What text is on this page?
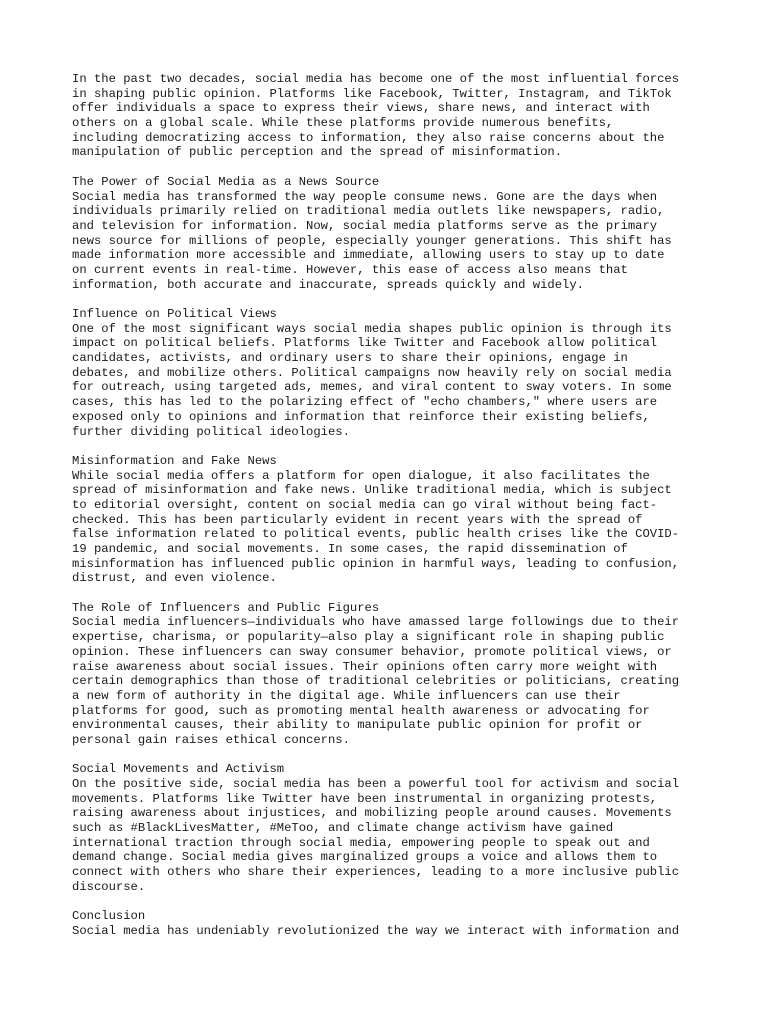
In the past two decades, social media has become one of the most influential forces
in shaping public opinion. Platforms like Facebook, Twitter, Instagram, and TikTok
offer individuals a space to express their views, share news, and interact with
others on a global scale. While these platforms provide numerous benefits,
including democratizing access to information, they also raise concerns about the
manipulation of public perception and the spread of misinformation.
The Power of Social Media as a News Source
Social media has transformed the way people consume news. Gone are the days when
individuals primarily relied on traditional media outlets like newspapers, radio,
and television for information. Now, social media platforms serve as the primary
news source for millions of people, especially younger generations. This shift has
made information more accessible and immediate, allowing users to stay up to date
on current events in real-time. However, this ease of access also means that
information, both accurate and inaccurate, spreads quickly and widely.
Influence on Political Views
One of the most significant ways social media shapes public opinion is through its
impact on political beliefs. Platforms like Twitter and Facebook allow political
candidates, activists, and ordinary users to share their opinions, engage in
debates, and mobilize others. Political campaigns now heavily rely on social media
for outreach, using targeted ads, memes, and viral content to sway voters. In some
cases, this has led to the polarizing effect of "echo chambers," where users are
exposed only to opinions and information that reinforce their existing beliefs,
further dividing political ideologies.
Misinformation and Fake News
While social media offers a platform for open dialogue, it also facilitates the
spread of misinformation and fake news. Unlike traditional media, which is subject
to editorial oversight, content on social media can go viral without being fact-
checked. This has been particularly evident in recent years with the spread of
false information related to political events, public health crises like the COVID-
19 pandemic, and social movements. In some cases, the rapid dissemination of
misinformation has influenced public opinion in harmful ways, leading to confusion,
distrust, and even violence.
The Role of Influencers and Public Figures
Social media influencers—individuals who have amassed large followings due to their
expertise, charisma, or popularity—also play a significant role in shaping public
opinion. These influencers can sway consumer behavior, promote political views, or
raise awareness about social issues. Their opinions often carry more weight with
certain demographics than those of traditional celebrities or politicians, creating
a new form of authority in the digital age. While influencers can use their
platforms for good, such as promoting mental health awareness or advocating for
environmental causes, their ability to manipulate public opinion for profit or
personal gain raises ethical concerns.
Social Movements and Activism
On the positive side, social media has been a powerful tool for activism and social
movements. Platforms like Twitter have been instrumental in organizing protests,
raising awareness about injustices, and mobilizing people around causes. Movements
such as #BlackLivesMatter, #MeToo, and climate change activism have gained
international traction through social media, empowering people to speak out and
demand change. Social media gives marginalized groups a voice and allows them to
connect with others who share their experiences, leading to a more inclusive public
discourse.
Conclusion
Social media has undeniably revolutionized the way we interact with information and
